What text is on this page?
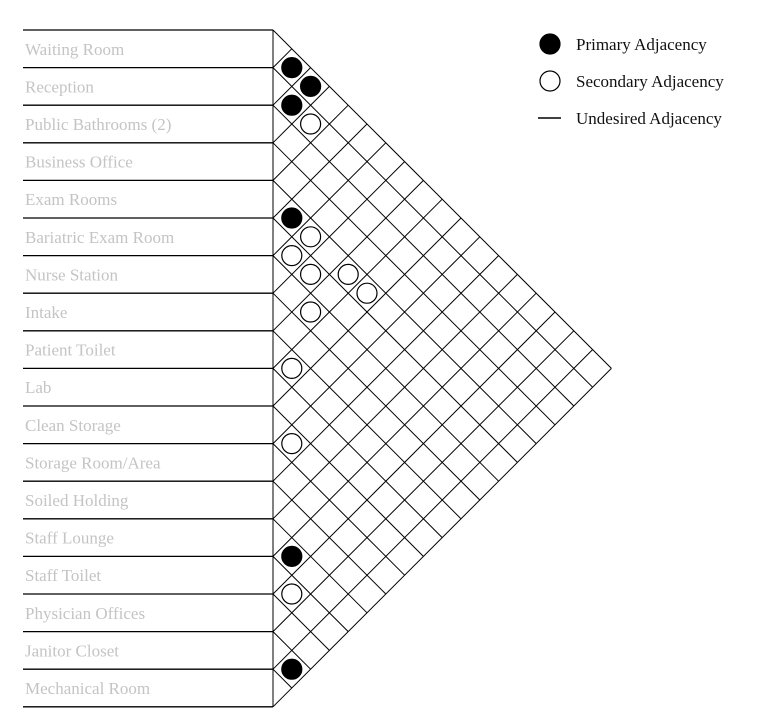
Waiting Room
Reception
Public Bathrooms (2)
Business Office
Exam Rooms
Bariatric Exam Room
Nurse Station
Intake
Patient Toilet
Lab
Clean Storage
Storage Room/Area
Soiled Holding
Staff Lounge
Staff Toilet
Physician Offices
Janitor Closet
Mechanical Room
Primary Adjacency
Secondary Adjacency
Undesired Adjacency
